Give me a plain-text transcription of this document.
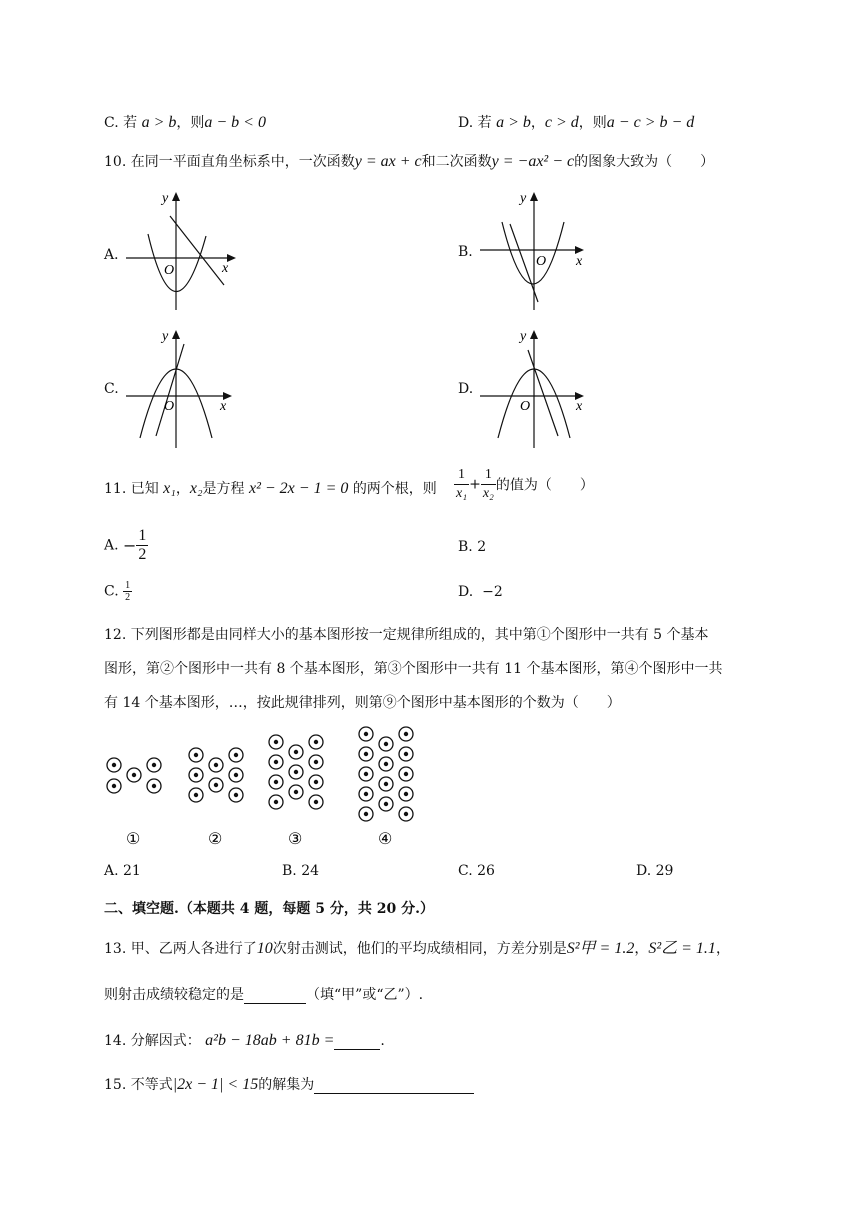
C. 若 a > b，则a − b < 0	D. 若 a > b，c > d，则a − c > b − d
10. 在同一平面直角坐标系中，一次函数y = ax + c和二次函数y = −ax² − c的图象大致为（　　）
A．	B.
C.	D.
y
x
O
y
x
O
y
x
O
y
x
O
11. 已知 x₁，x₂是方程 x² − 2x − 1 = 0 的两个根，则 $\frac{1}{\text{x₁}} + \frac{1}{\text{x₂}}$ 的值为（　　）
A. − $\frac{1}{2}$	B. 2
C. $\frac{1}{2}$	D. −2
12. 下列图形都是由同样大小的基本图形按一定规律所组成的，其中第①个图形中一共有 5 个基本
图形，第②个图形中一共有 8 个基本图形，第③个图形中一共有 11 个基本图形，第④个图形中一共
有 14 个基本图形，…，按此规律排列，则第⑨个图形中基本图形的个数为（　　）
①	②	③	④
A. 21	B. 24	C. 26	D. 29
二、填空题.（本题共 4 题，每题 5 分，共 20 分.）
13. 甲、乙两人各进行了10次射击测试，他们的平均成绩相同，方差分别是S²甲 = 1.2，S²乙 = 1.1，
则射击成绩较稳定的是	（填“甲”或“乙”）.
14. 分解因式： a²b − 18ab + 81b =	.
15. 不等式|2x − 1| < 15的解集为
